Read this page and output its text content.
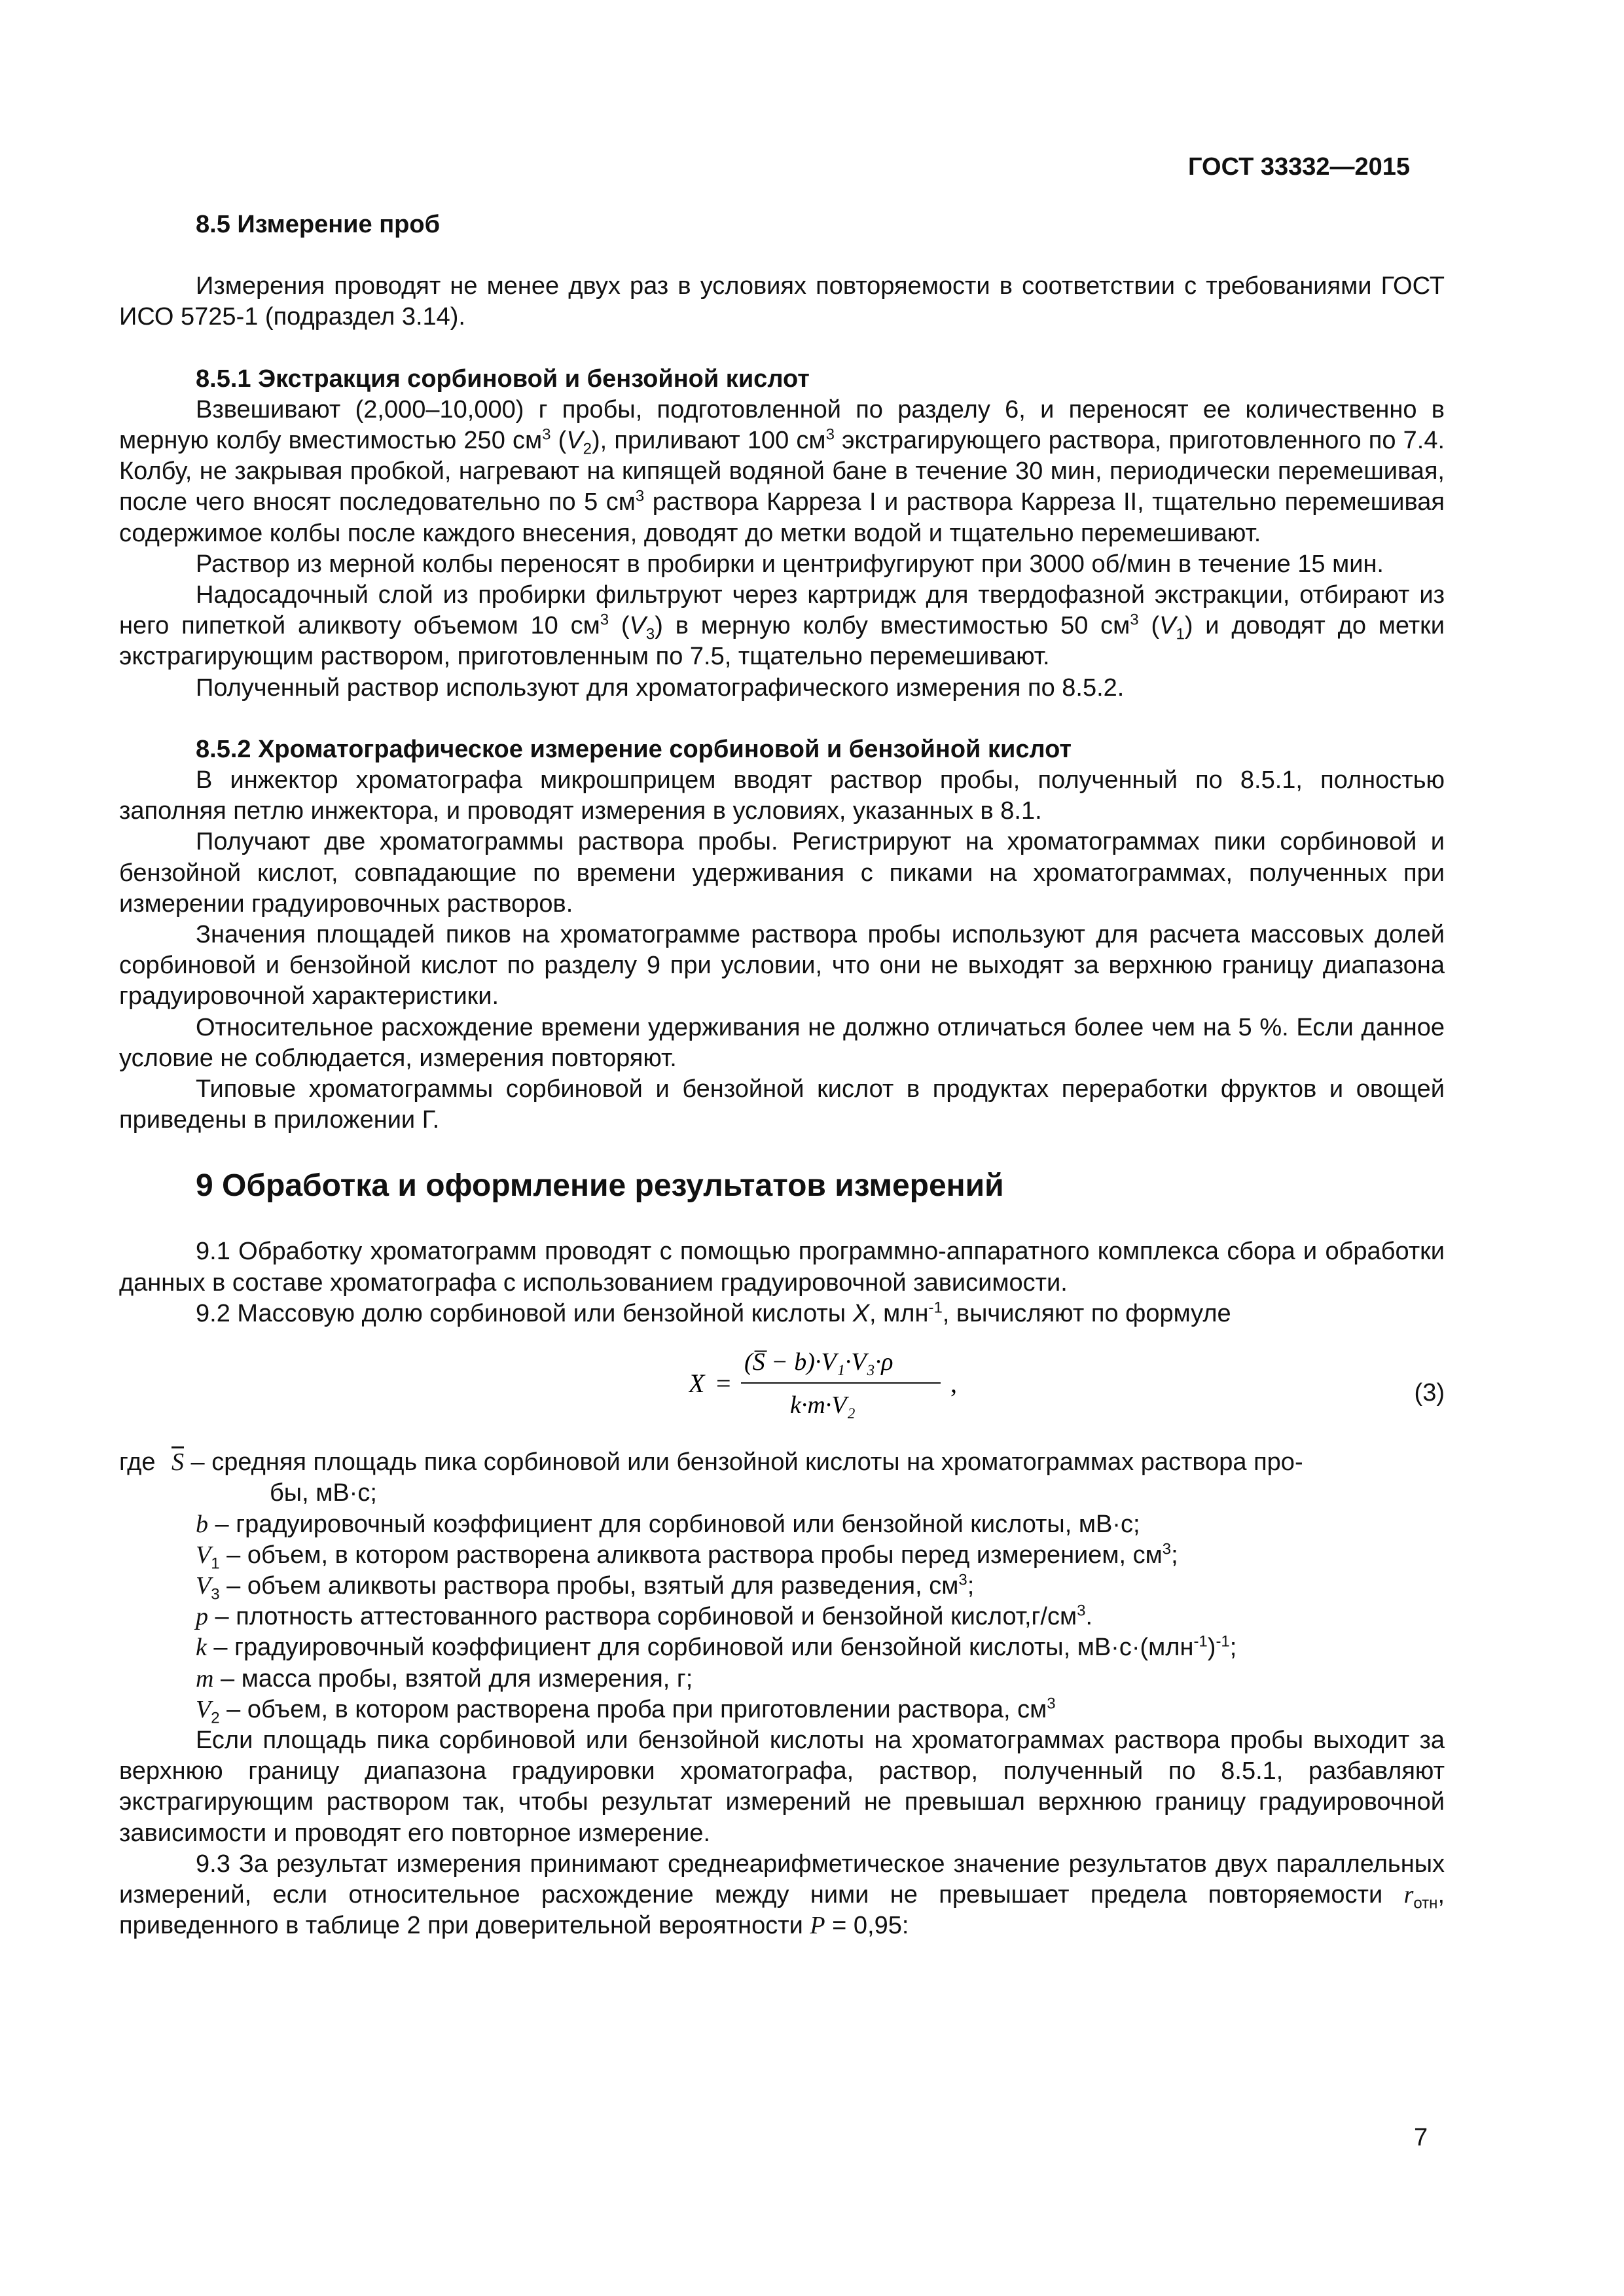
ГОСТ 33332—2015

8.5 Измерение проб

Измерения проводят не менее двух раз в условиях повторяемости в соответствии с требованиями ГОСТ ИСО 5725-1 (подраздел 3.14).

8.5.1 Экстракция сорбиновой и бензойной кислот

Взвешивают (2,000–10,000) г пробы, подготовленной по разделу 6, и переносят ее количественно в мерную колбу вместимостью 250 $см^3$ $(V_2)$, приливают 100 $см^3$ экстрагирующего раствора, приготовленного по 7.4. Колбу, не закрывая пробкой, нагревают на кипящей водяной бане в течение 30 мин, периодически перемешивая, после чего вносят последовательно по 5 $см^3$ раствора Карреза I и раствора Карреза II, тщательно перемешивая содержимое колбы после каждого внесения, доводят до метки водой и тщательно перемешивают.

Раствор из мерной колбы переносят в пробирки и центрифугируют при 3000 об/мин в течение 15 мин.

Надосадочный слой из пробирки фильтруют через картридж для твердофазной экстракции, отбирают из него пипеткой аликвоту объемом 10 $см^3$ $(V_3)$ в мерную колбу вместимостью 50 $см^3$ $(V_1)$ и доводят до метки экстрагирующим раствором, приготовленным по 7.5, тщательно перемешивают.

Полученный раствор используют для хроматографического измерения по 8.5.2.

8.5.2 Хроматографическое измерение сорбиновой и бензойной кислот

В инжектор хроматографа микрошприцем вводят раствор пробы, полученный по 8.5.1, полностью заполняя петлю инжектора, и проводят измерения в условиях, указанных в 8.1.

Получают две хроматограммы раствора пробы. Регистрируют на хроматограммах пики сорбиновой и бензойной кислот, совпадающие по времени удерживания с пиками на хроматограммах, полученных при измерении градуировочных растворов.

Значения площадей пиков на хроматограмме раствора пробы используют для расчета массовых долей сорбиновой и бензойной кислот по разделу 9 при условии, что они не выходят за верхнюю границу диапазона градуировочной характеристики.

Относительное расхождение времени удерживания не должно отличаться более чем на 5 %. Если данное условие не соблюдается, измерения повторяют.

Типовые хроматограммы сорбиновой и бензойной кислот в продуктах переработки фруктов и овощей приведены в приложении Г.

9 Обработка и оформление результатов измерений

9.1 Обработку хроматограмм проводят с помощью программно-аппаратного комплекса сбора и обработки данных в составе хроматографа с использованием градуировочной зависимости.

9.2 Массовую долю сорбиновой или бензойной кислоты X, млн$^{-1}$, вычисляют по формуле

X =
(S̅ − b)·V₁·V₃·ρ
k·m·V₂
,	(3)
где $\overline{S}$ – средняя площадь пика сорбиновой или бензойной кислоты на хроматограммах раствора про-
бы, мВ·с;

b – градуировочный коэффициент для сорбиновой или бензойной кислоты, мВ·с;

$V_1$ – объем, в котором растворена аликвота раствора пробы перед измерением, $см^3$;

$V_3$ – объем аликвоты раствора пробы, взятый для разведения, $см^3$;

р – плотность аттестованного раствора сорбиновой и бензойной $кислот,г/см^3$.

k – градуировочный коэффициент для сорбиновой или бензойной кислоты, $мВ\cdot с\cdot(млн^{-1})^{-1}$;

m – масса пробы, взятой для измерения, г;

$V_2$ – объем, в котором растворена проба при приготовлении раствора, $см^3$

Если площадь пика сорбиновой или бензойной кислоты на хроматограммах раствора пробы выходит за верхнюю границу диапазона градуировки хроматографа, раствор, полученный по 8.5.1, разбавляют экстрагирующим раствором так, чтобы результат измерений не превышал верхнюю границу градуировочной зависимости и проводят его повторное измерение.

9.3 За результат измерения принимают среднеарифметическое значение результатов двух параллельных измерений, если относительное расхождение между ними не превышает предела повторяемости $r_{отн}$, приведенного в таблице 2 при доверительной вероятности P = 0,95:

7
